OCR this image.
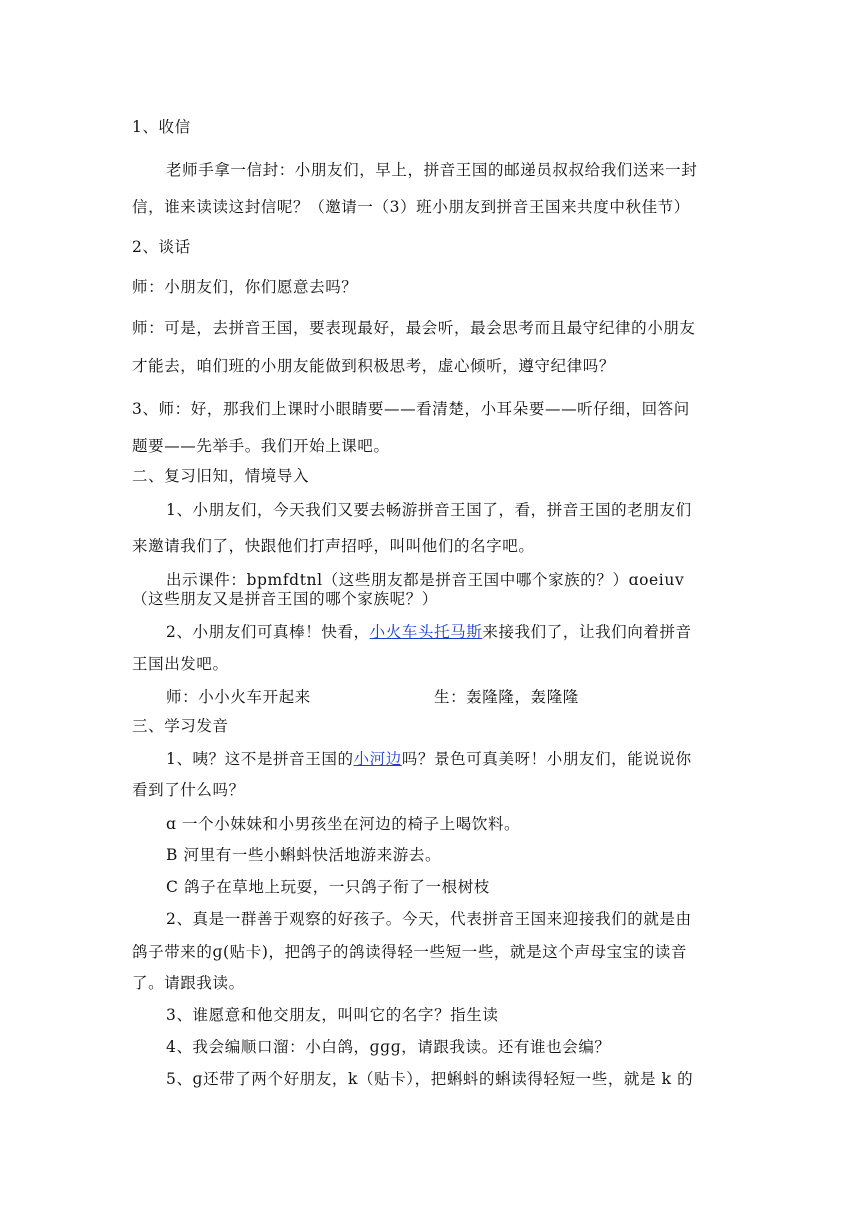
1、收信
老师手拿一信封：小朋友们，早上，拼音王国的邮递员叔叔给我们送来一封
信，谁来读读这封信呢？（邀请一（3）班小朋友到拼音王国来共度中秋佳节）
2、谈话
师：小朋友们，你们愿意去吗？
师：可是，去拼音王国，要表现最好，最会听，最会思考而且最守纪律的小朋友
才能去，咱们班的小朋友能做到积极思考，虚心倾听，遵守纪律吗？
3、师：好，那我们上课时小眼睛要——看清楚，小耳朵要——听仔细，回答问
题要——先举手。我们开始上课吧。
二、复习旧知，情境导入
1、小朋友们，今天我们又要去畅游拼音王国了，看，拼音王国的老朋友们
来邀请我们了，快跟他们打声招呼，叫叫他们的名字吧。
出示课件：bpmfdtnl（这些朋友都是拼音王国中哪个家族的？）ɑoeiuv
（这些朋友又是拼音王国的哪个家族呢？）
2、小朋友们可真棒！快看，小火车头托马斯来接我们了，让我们向着拼音
王国出发吧。
师：小小火车开起来	生：轰隆隆，轰隆隆
三、学习发音
1、咦？这不是拼音王国的小河边吗？景色可真美呀！小朋友们，能说说你
看到了什么吗？
ɑ 一个小妹妹和小男孩坐在河边的椅子上喝饮料。
B 河里有一些小蝌蚪快活地游来游去。
C 鸽子在草地上玩耍，一只鸽子衔了一根树枝
2、真是一群善于观察的好孩子。今天，代表拼音王国来迎接我们的就是由
鸽子带来的ɡ(贴卡)，把鸽子的鸽读得轻一些短一些，就是这个声母宝宝的读音
了。请跟我读。
3、谁愿意和他交朋友，叫叫它的名字？指生读
4、我会编顺口溜：小白鸽，ɡɡɡ，请跟我读。还有谁也会编？
5、ɡ还带了两个好朋友，k（贴卡），把蝌蚪的蝌读得轻短一些，就是 k 的
